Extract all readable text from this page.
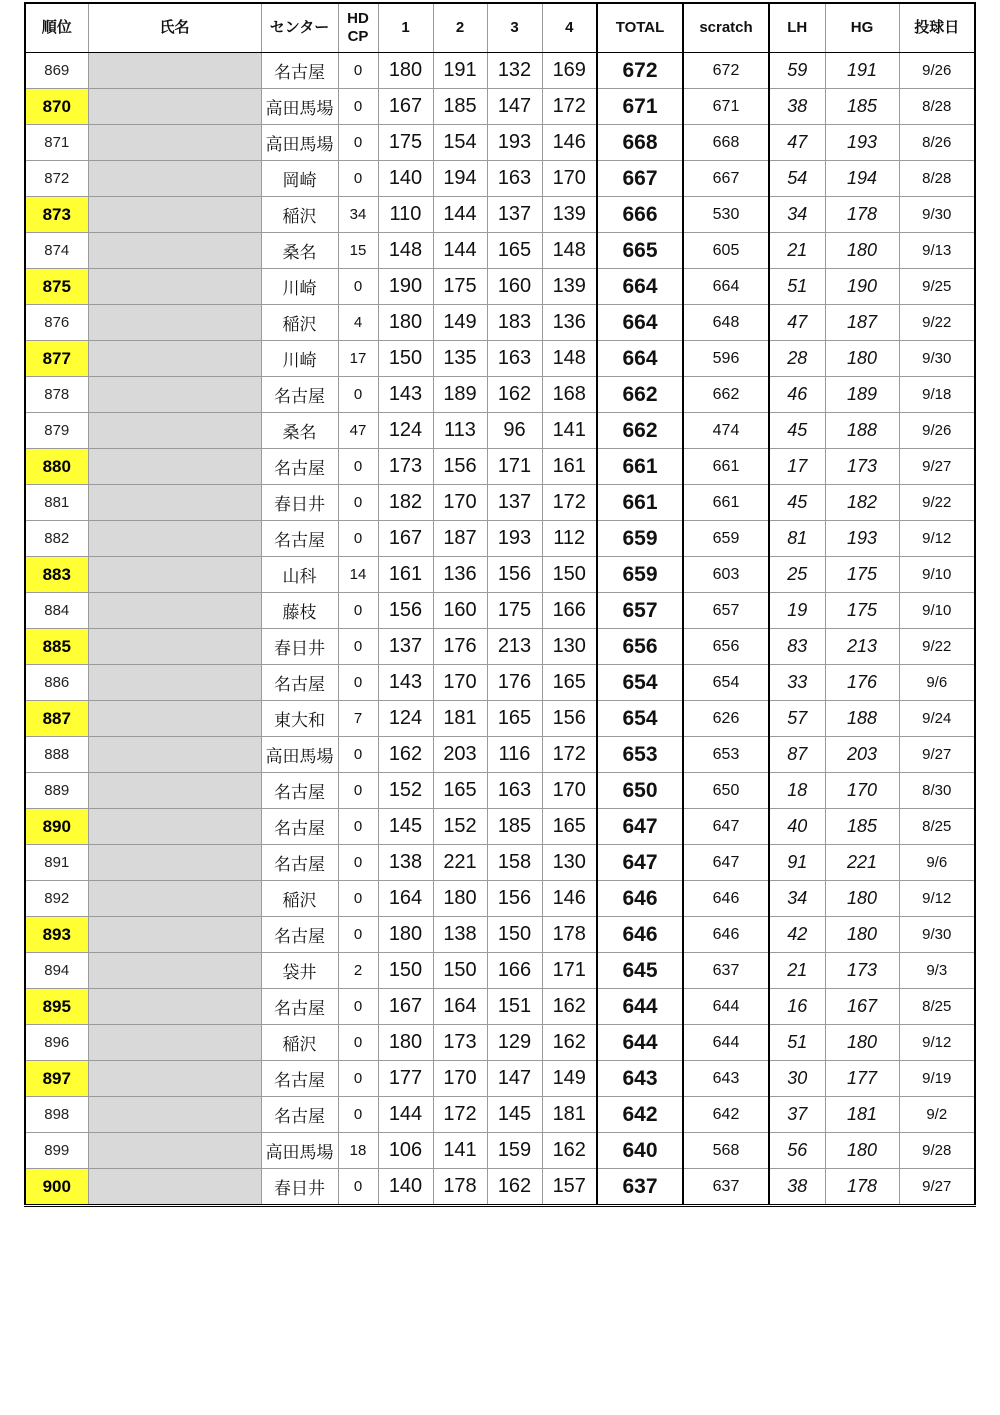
順位	氏名	センター	HD
CP	1	2	3	4	TOTAL	scratch	LH	HG	投球日
869		名古屋	0	180	191	132	169	672	672	59	191	9/26
870		高田馬場	0	167	185	147	172	671	671	38	185	8/28
871		高田馬場	0	175	154	193	146	668	668	47	193	8/26
872		岡崎	0	140	194	163	170	667	667	54	194	8/28
873		稲沢	34	110	144	137	139	666	530	34	178	9/30
874		桑名	15	148	144	165	148	665	605	21	180	9/13
875		川崎	0	190	175	160	139	664	664	51	190	9/25
876		稲沢	4	180	149	183	136	664	648	47	187	9/22
877		川崎	17	150	135	163	148	664	596	28	180	9/30
878		名古屋	0	143	189	162	168	662	662	46	189	9/18
879		桑名	47	124	113	96	141	662	474	45	188	9/26
880		名古屋	0	173	156	171	161	661	661	17	173	9/27
881		春日井	0	182	170	137	172	661	661	45	182	9/22
882		名古屋	0	167	187	193	112	659	659	81	193	9/12
883		山科	14	161	136	156	150	659	603	25	175	9/10
884		藤枝	0	156	160	175	166	657	657	19	175	9/10
885		春日井	0	137	176	213	130	656	656	83	213	9/22
886		名古屋	0	143	170	176	165	654	654	33	176	9/6
887		東大和	7	124	181	165	156	654	626	57	188	9/24
888		高田馬場	0	162	203	116	172	653	653	87	203	9/27
889		名古屋	0	152	165	163	170	650	650	18	170	8/30
890		名古屋	0	145	152	185	165	647	647	40	185	8/25
891		名古屋	0	138	221	158	130	647	647	91	221	9/6
892		稲沢	0	164	180	156	146	646	646	34	180	9/12
893		名古屋	0	180	138	150	178	646	646	42	180	9/30
894		袋井	2	150	150	166	171	645	637	21	173	9/3
895		名古屋	0	167	164	151	162	644	644	16	167	8/25
896		稲沢	0	180	173	129	162	644	644	51	180	9/12
897		名古屋	0	177	170	147	149	643	643	30	177	9/19
898		名古屋	0	144	172	145	181	642	642	37	181	9/2
899		高田馬場	18	106	141	159	162	640	568	56	180	9/28
900		春日井	0	140	178	162	157	637	637	38	178	9/27
